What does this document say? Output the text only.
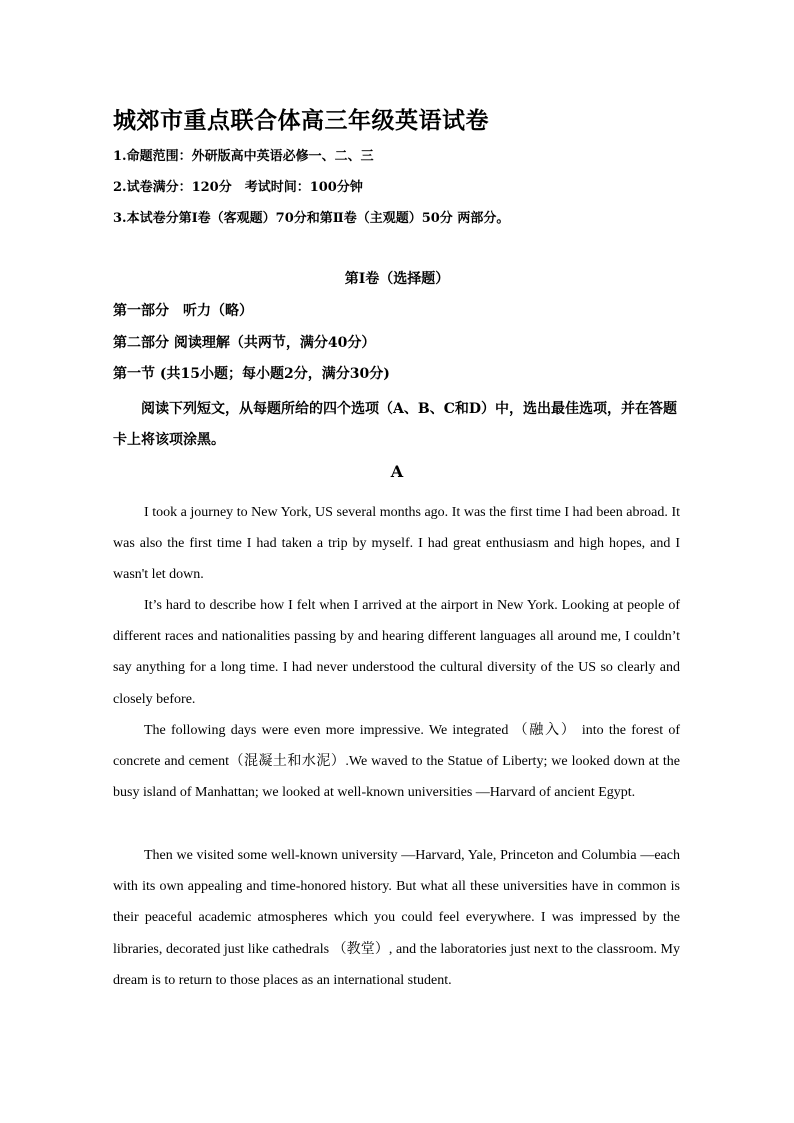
城郊市重点联合体高三年级英语试卷
1.命题范围：外研版高中英语必修一、二、三
2.试卷满分：120分　考试时间：100分钟
3.本试卷分第Ⅰ卷（客观题）70分和第Ⅱ卷（主观题）50分 两部分。
第Ⅰ卷（选择题）
第一部分　听力（略）
第二部分 阅读理解（共两节，满分40分）
第一节 (共15小题；每小题2分，满分30分)
阅读下列短文，从每题所给的四个选项（A、B、C和D）中，选出最佳选项，并在答题卡上将该项涂黑。
A
I took a journey to New York, US several months ago. It was the first time I had been abroad. It was also the first time I had taken a trip by myself. I had great enthusiasm and high hopes, and I wasn't let down.
It’s hard to describe how I felt when I arrived at the airport in New York. Looking at people of different races and nationalities passing by and hearing different languages all around me, I couldn’t say anything for a long time. I had never understood the cultural diversity of the US so clearly and closely before.
The following days were even more impressive. We integrated （融入） into the forest of concrete and cement（混凝土和水泥）.We waved to the Statue of Liberty; we looked down at the busy island of Manhattan; we looked at well-known universities —Harvard of ancient Egypt.
Then we visited some well-known university —Harvard, Yale, Princeton and Columbia —each with its own appealing and time-honored history. But what all these universities have in common is their peaceful academic atmospheres which you could feel everywhere. I was impressed by the libraries, decorated just like cathedrals （教堂）, and the laboratories just next to the classroom. My dream is to return to those places as an international student.
